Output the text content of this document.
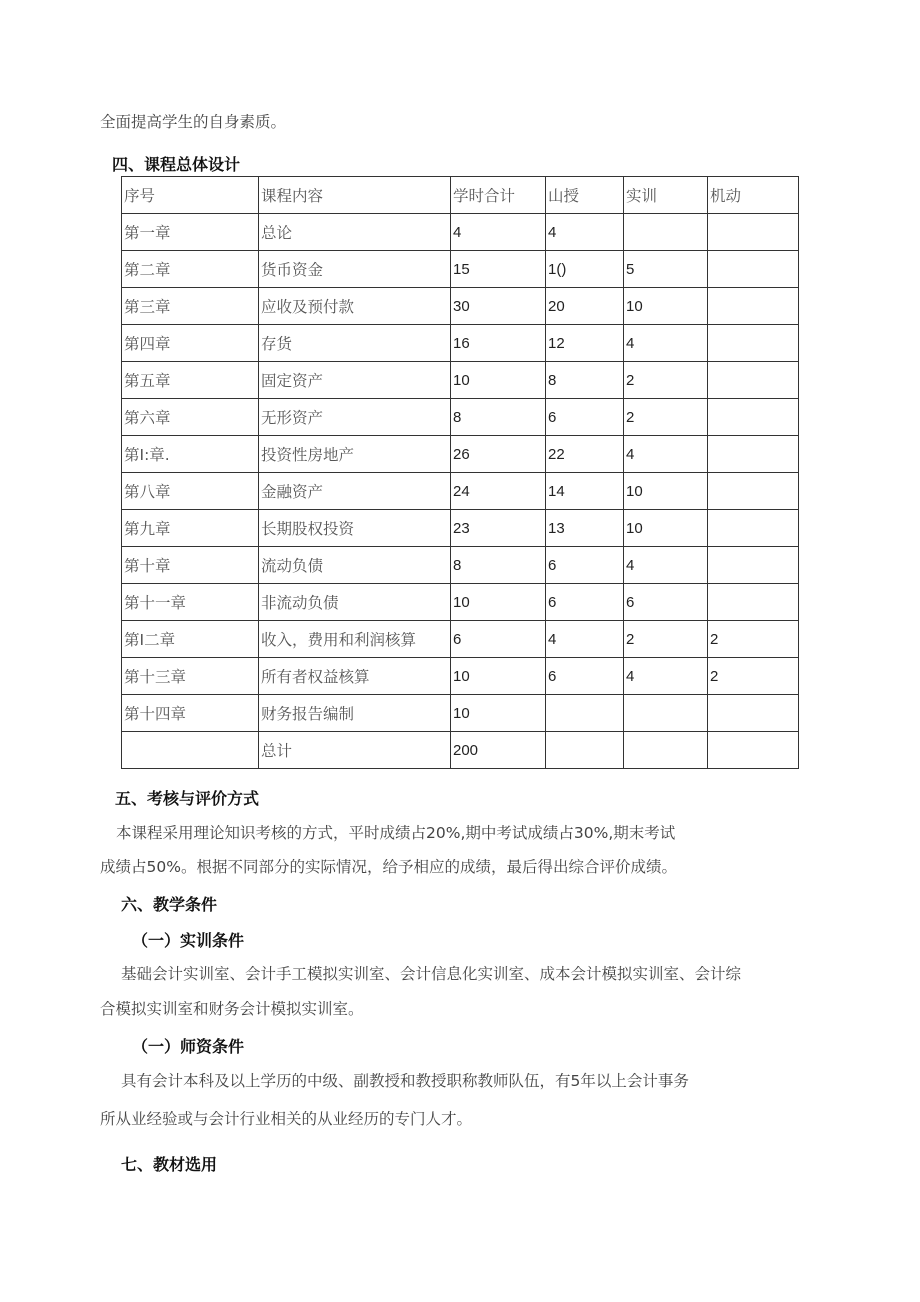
全面提高学生的自身素质。
四、课程总体设计
序号	课程内容	学时合计	山授	实训	机动
第一章	总论	4	4		
第二章	货币资金	15	1()	5	
第三章	应收及预付款	30	20	10	
第四章	存货	16	12	4	
第五章	固定资产	10	8	2	
第六章	无形资产	8	6	2	
第I:章.	投资性房地产	26	22	4	
第八章	金融资产	24	14	10	
第九章	长期股权投资	23	13	10	
第十章	流动负债	8	6	4	
第十一章	非流动负债	10	6	6	
第I二章	收入，费用和利润核算	6	4	2	2
第十三章	所有者权益核算	10	6	4	2
第十四章	财务报告编制	10			
	总计	200			
五、考核与评价方式
本课程采用理论知识考核的方式，平时成绩占20%,期中考试成绩占30%,期末考试
成绩占50%。根据不同部分的实际情况，给予相应的成绩，最后得出综合评价成绩。
六、教学条件
（一）实训条件
基础会计实训室、会计手工模拟实训室、会计信息化实训室、成本会计模拟实训室、会计综
合模拟实训室和财务会计模拟实训室。
（一）师资条件
具有会计本科及以上学历的中级、副教授和教授职称教师队伍，有5年以上会计事务
所从业经验或与会计行业相关的从业经历的专门人才。
七、教材选用
